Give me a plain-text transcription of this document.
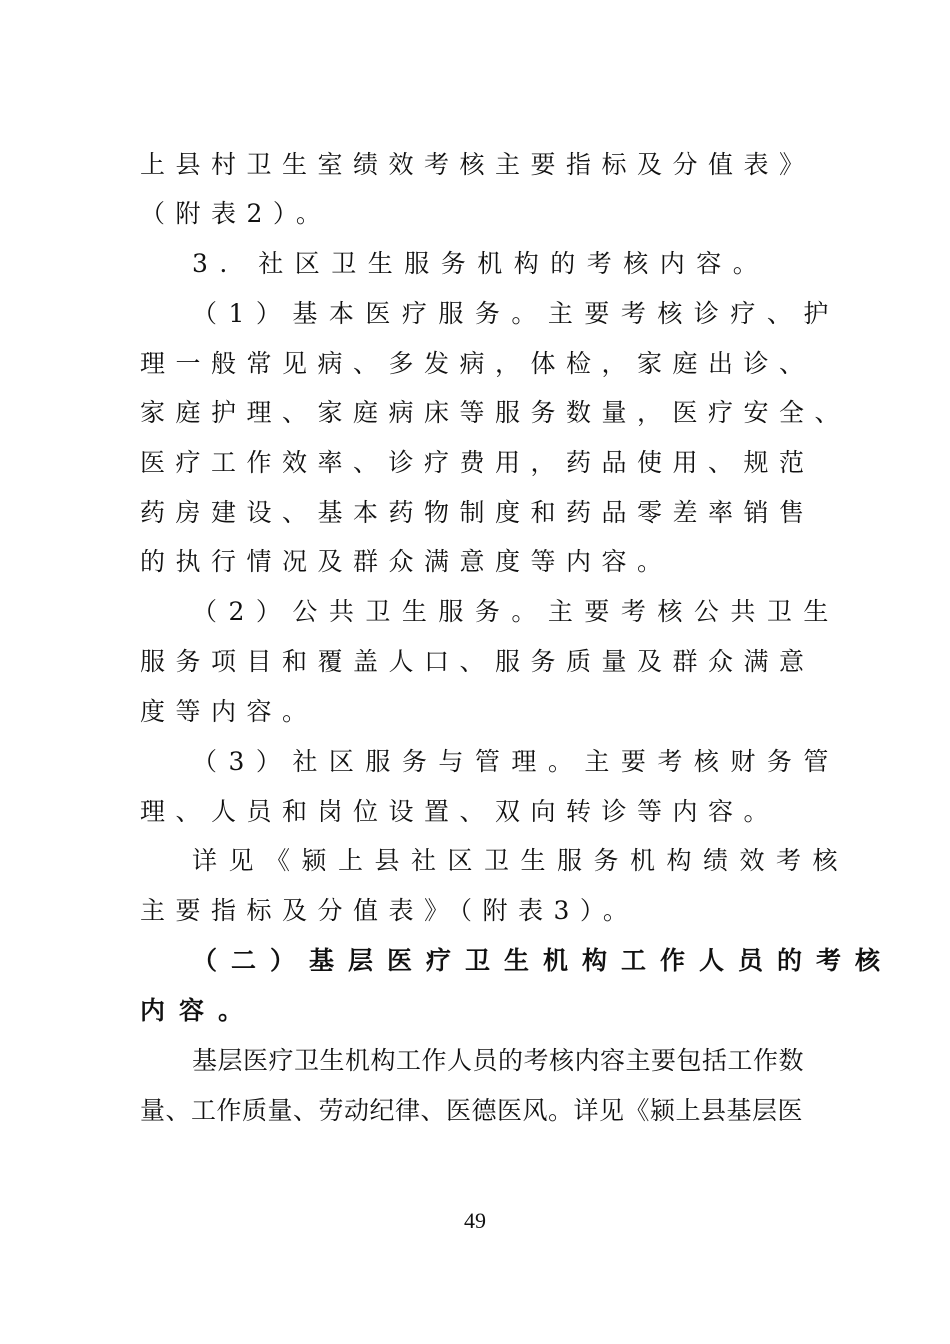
上县村卫生室绩效考核主要指标及分值表》
（附表2）。
3. 社区卫生服务机构的考核内容。
（1）基本医疗服务。主要考核诊疗、护
理一般常见病、多发病，体检，家庭出诊、
家庭护理、家庭病床等服务数量，医疗安全、
医疗工作效率、诊疗费用，药品使用、规范
药房建设、基本药物制度和药品零差率销售
的执行情况及群众满意度等内容。
（2）公共卫生服务。主要考核公共卫生
服务项目和覆盖人口、服务质量及群众满意
度等内容。
（3）社区服务与管理。主要考核财务管
理、人员和岗位设置、双向转诊等内容。
详见《颍上县社区卫生服务机构绩效考核
主要指标及分值表》（附表3）。
（二）基层医疗卫生机构工作人员的考核
内容。
基层医疗卫生机构工作人员的考核内容主要包括工作数
量、工作质量、劳动纪律、医德医风。详见《颍上县基层医
49
